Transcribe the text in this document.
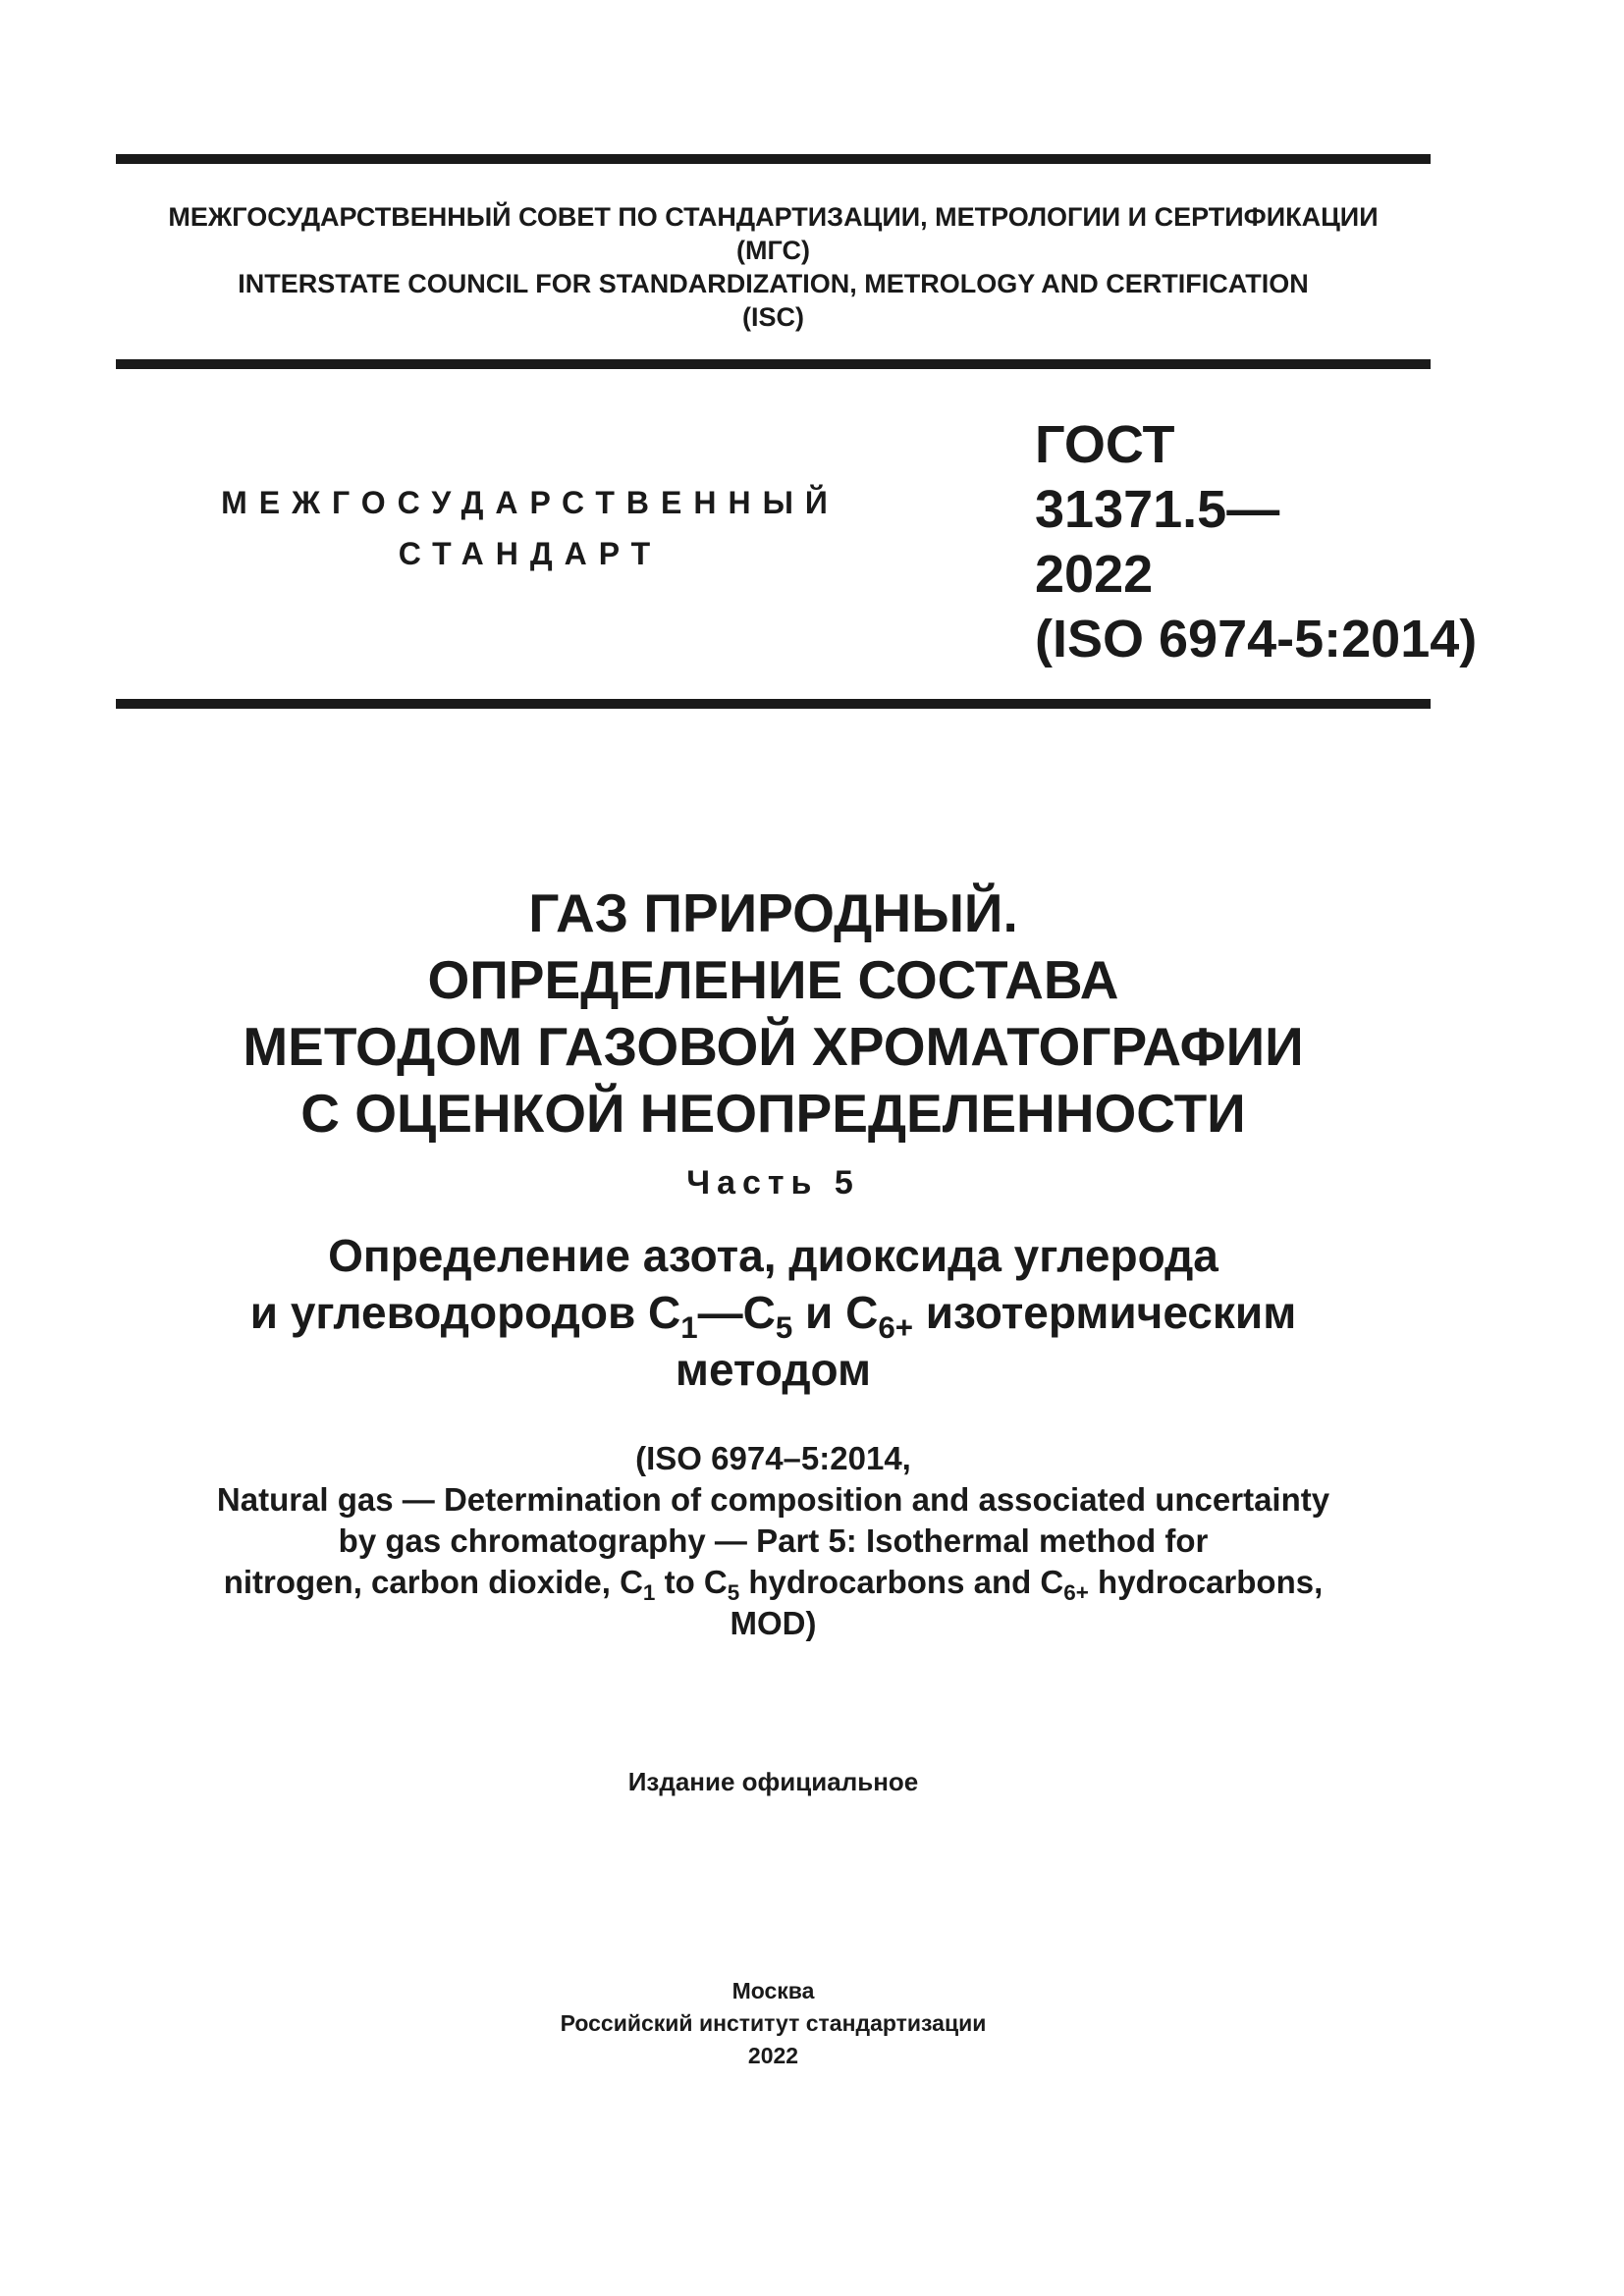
МЕЖГОСУДАРСТВЕННЫЙ СОВЕТ ПО СТАНДАРТИЗАЦИИ, МЕТРОЛОГИИ И СЕРТИФИКАЦИИ
(МГС)
INTERSTATE COUNCIL FOR STANDARDIZATION, METROLOGY AND CERTIFICATION
(ISC)
МЕЖГОСУДАРСТВЕННЫЙ
СТАНДАРТ
ГОСТ
31371.5—
2022
(ISO 6974-5:2014)
ГАЗ ПРИРОДНЫЙ.
ОПРЕДЕЛЕНИЕ СОСТАВА
МЕТОДОМ ГАЗОВОЙ ХРОМАТОГРАФИИ
С ОЦЕНКОЙ НЕОПРЕДЕЛЕННОСТИ
Часть 5
Определение азота, диоксида углерода
и углеводородов $C_1—C_5$ и $C_{6+}$ изотермическим
методом
(ISO 6974–5:2014,
Natural gas — Determination of composition and associated uncertainty
by gas chromatography — Part 5: Isothermal method for
nitrogen, carbon dioxide, $C_1$ to $C_5$ hydrocarbons and $C_{6+}$ hydrocarbons,
MOD)
Издание официальное
Москва
Российский институт стандартизации
2022
